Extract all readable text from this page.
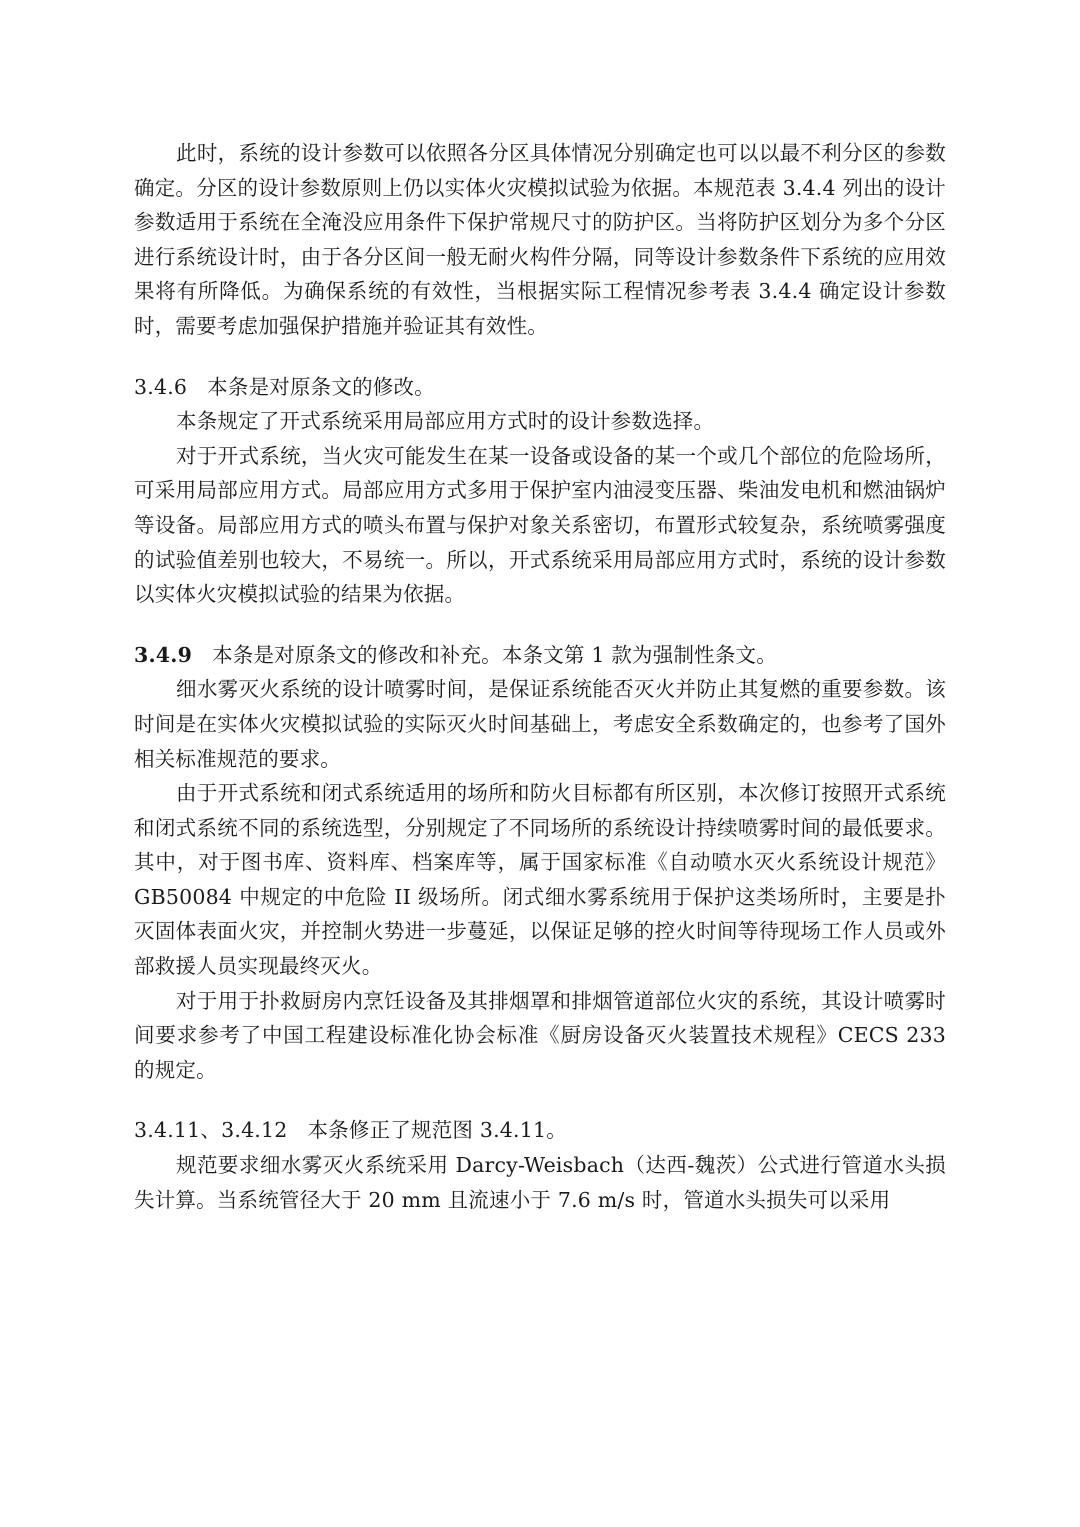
此时，系统的设计参数可以依照各分区具体情况分别确定也可以以最不利分区的参数确定。分区的设计参数原则上仍以实体火灾模拟试验为依据。本规范表 3.4.4 列出的设计参数适用于系统在全淹没应用条件下保护常规尺寸的防护区。当将防护区划分为多个分区进行系统设计时，由于各分区间一般无耐火构件分隔，同等设计参数条件下系统的应用效果将有所降低。为确保系统的有效性，当根据实际工程情况参考表 3.4.4 确定设计参数时，需要考虑加强保护措施并验证其有效性。

3.4.6 本条是对原条文的修改。

本条规定了开式系统采用局部应用方式时的设计参数选择。

对于开式系统，当火灾可能发生在某一设备或设备的某一个或几个部位的危险场所，可采用局部应用方式。局部应用方式多用于保护室内油浸变压器、柴油发电机和燃油锅炉等设备。局部应用方式的喷头布置与保护对象关系密切，布置形式较复杂，系统喷雾强度的试验值差别也较大，不易统一。所以，开式系统采用局部应用方式时，系统的设计参数以实体火灾模拟试验的结果为依据。

3.4.9 本条是对原条文的修改和补充。本条文第 1 款为强制性条文。

细水雾灭火系统的设计喷雾时间，是保证系统能否灭火并防止其复燃的重要参数。该时间是在实体火灾模拟试验的实际灭火时间基础上，考虑安全系数确定的，也参考了国外相关标准规范的要求。

由于开式系统和闭式系统适用的场所和防火目标都有所区别，本次修订按照开式系统和闭式系统不同的系统选型，分别规定了不同场所的系统设计持续喷雾时间的最低要求。其中，对于图书库、资料库、档案库等，属于国家标准《自动喷水灭火系统设计规范》GB50084 中规定的中危险 II 级场所。闭式细水雾系统用于保护这类场所时，主要是扑灭固体表面火灾，并控制火势进一步蔓延，以保证足够的控火时间等待现场工作人员或外部救援人员实现最终灭火。

对于用于扑救厨房内烹饪设备及其排烟罩和排烟管道部位火灾的系统，其设计喷雾时间要求参考了中国工程建设标准化协会标准《厨房设备灭火装置技术规程》CECS 233 的规定。

3.4.11、3.4.12 本条修正了规范图 3.4.11。

规范要求细水雾灭火系统采用 Darcy-Weisbach（达西-魏茨）公式进行管道水头损失计算。当系统管径大于 20 mm 且流速小于 7.6 m/s 时，管道水头损失可以采用
